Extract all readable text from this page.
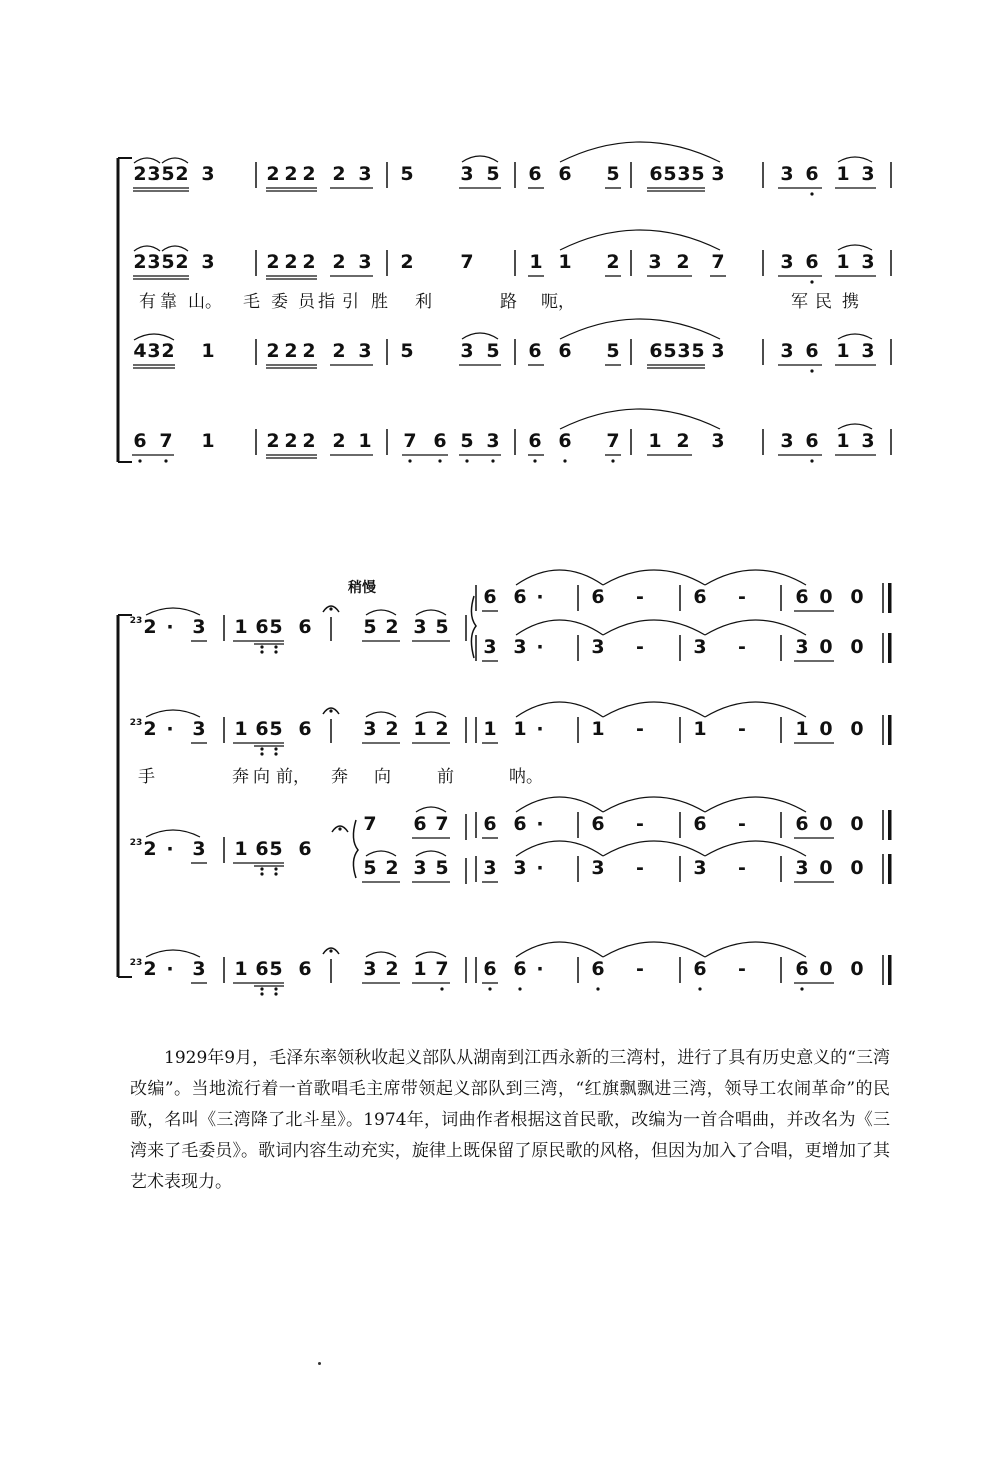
2 3 5 2 3	2 2 2 2 3 5 3 5 6 6 5 6 5 3 5 3	3 6 1 3
2 3 5 2 3	2 2 2 2 3 2 7	1 1 2 3 2 7	3 6 1 3
有 靠 山。 毛 委 员 指 引 胜 利	路 呃，	军 民 携
4 3 2 1	2 2 2 2 3 5 3 5 6 6 5 6 5 3 5 3	3 6 1 3
6 7 1	2 2 2 2 1 7 6 5 3 6 6 7 1 2 3	3 6 1 3
稍慢
23 2 · 3 1 6 5 6	5 2 3 5
6 6 ·	6 -	6 -	6 0 0
3 3 ·	3 -	3 -	3 0 0
23 2 · 3 1 6 5 6	3 2 1 2 1 1 ·	1 -	1 -	1 0 0
手	奔 向 前， 奔 向	前	呐。
23 2 · 3 1 6 5 6
7 6 7
5 2 3 5
6 6 ·	6 -	6 -	6 0 0
3 3 ·	3 -	3 -	3 0 0
23 2 · 3 1 6 5 6	3 2 1 7 6 6 ·	6 -	6 -	6 0 0

1929年9月，毛泽东率领秋收起义部队从湖南到江西永新的三湾村，进行了具有历史意义的“三湾改编”。当地流行着一首歌唱毛主席带领起义部队到三湾，“红旗飘飘进三湾，领导工农闹革命”的民歌，名叫《三湾降了北斗星》。1974年，词曲作者根据这首民歌，改编为一首合唱曲，并改名为《三湾来了毛委员》。歌词内容生动充实，旋律上既保留了原民歌的风格，但因为加入了合唱，更增加了其艺术表现力。
